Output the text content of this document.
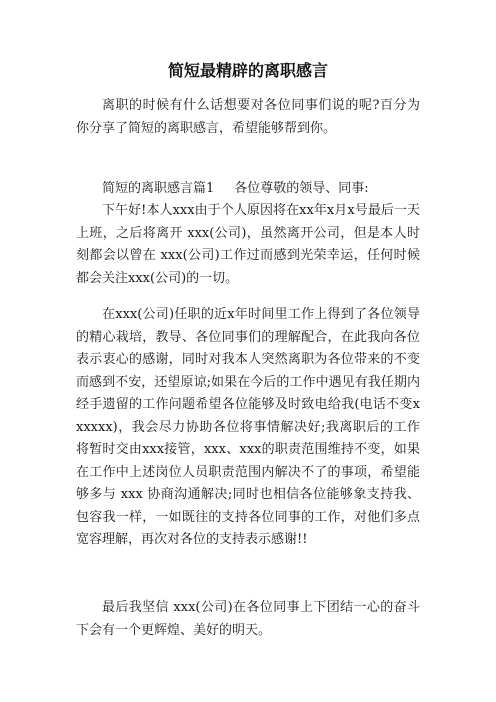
简短最精辟的离职感言

离职的时候有什么话想要对各位同事们说的呢?百分为你分享了简短的离职感言，希望能够帮到你。

简短的离职感言篇1 各位尊敬的领导、同事:

下午好!本人xxx由于个人原因将在xx年x月x号最后一天上班，之后将离开 xxx(公司)，虽然离开公司，但是本人时刻都会以曾在 xxx(公司)工作过而感到光荣幸运，任何时候都会关注xxx(公司)的一切。

在xxx(公司)任职的近x年时间里工作上得到了各位领导的精心栽培，教导、各位同事们的理解配合，在此我向各位表示衷心的感谢，同时对我本人突然离职为各位带来的不变而感到不安，还望原谅;如果在今后的工作中遇见有我任期内经手遗留的工作问题希望各位能够及时致电给我(电话不变xxxxxx)，我会尽力协助各位将事情解决好;我离职后的工作将暂时交由xxx接管，xxx、xxx的职责范围维持不变，如果在工作中上述岗位人员职责范围内解决不了的事项，希望能够多与 xxx 协商沟通解决;同时也相信各位能够象支持我、包容我一样，一如既往的支持各位同事的工作，对他们多点宽容理解，再次对各位的支持表示感谢!!

最后我坚信 xxx(公司)在各位同事上下团结一心的奋斗下会有一个更辉煌、美好的明天。
